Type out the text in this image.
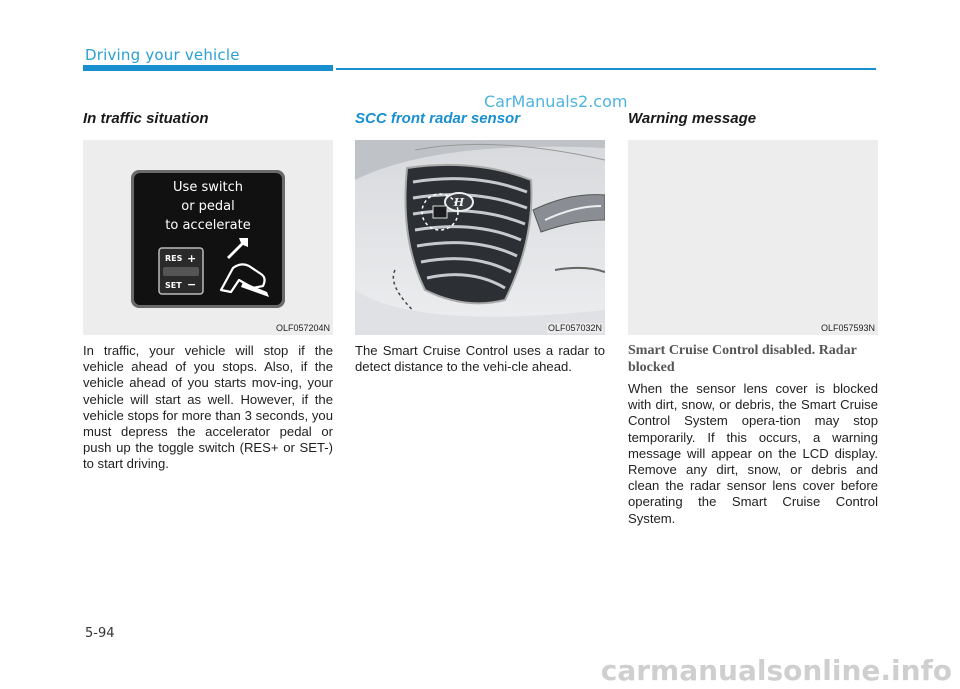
Driving your vehicle
CarManuals2.com
In traffic situation
Use switch
or pedal
to accelerate
RES +
SET −
OLF057204N
In traffic, your vehicle will stop if the vehicle ahead of you stops. Also, if the vehicle ahead of you starts mov-ing, your vehicle will start as well. However, if the vehicle stops for more than 3 seconds, you must depress the accelerator pedal or push up the toggle switch (RES+ or SET-) to start driving.
SCC front radar sensor
H
OLF057032N
The Smart Cruise Control uses a radar to detect distance to the vehi-cle ahead.
Warning message
OLF057593N
Smart Cruise Control disabled. Radar blocked
When the sensor lens cover is blocked with dirt, snow, or debris, the Smart Cruise Control System opera-tion may stop temporarily. If this occurs, a warning message will appear on the LCD display. Remove any dirt, snow, or debris and clean the radar sensor lens cover before operating the Smart Cruise Control System.
5-94
carmanualsonline.info
